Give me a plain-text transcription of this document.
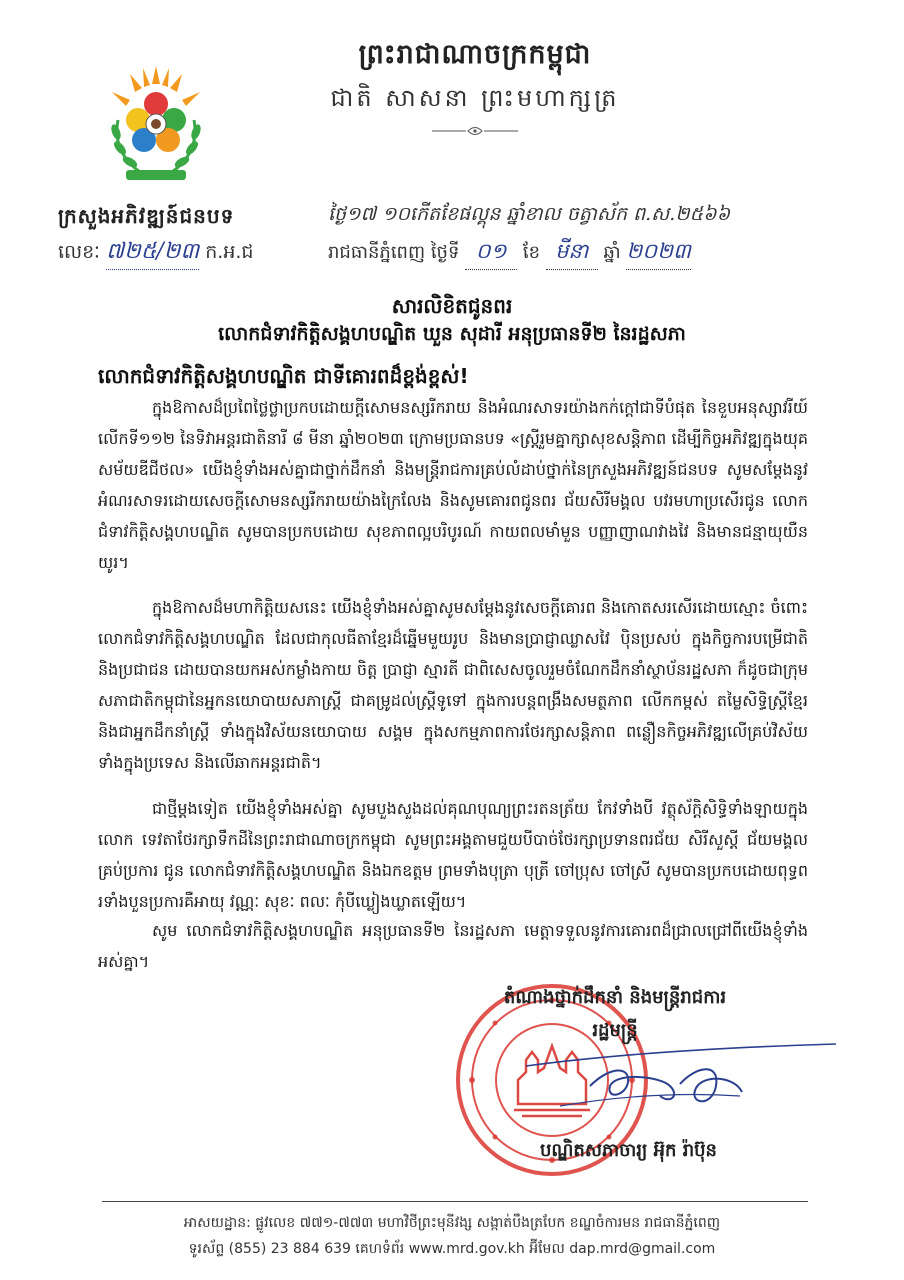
ព្រះរាជាណាចក្រកម្ពុជា
ជាតិ សាសនា ព្រះមហាក្សត្រ
ក្រសួងអភិវឌ្ឍន៍ជនបទ
លេខៈ ៧២៥/២៣ ក.អ.ជ
ថ្ងៃ១៧ ១០កើតខែផល្គុន ឆ្នាំខាល ចត្វាស័ក ព.ស.២៥៦៦
រាជធានីភ្នំពេញ ថ្ងៃទី ០១ ខែ មីនា ឆ្នាំ ២០២៣
សារលិខិតជូនពរ
លោកជំទាវកិត្តិសង្គហបណ្ឌិត ឃួន សុដារី អនុប្រធានទី២ នៃរដ្ឋសភា
លោកជំទាវកិត្តិសង្គហបណ្ឌិត ជាទីគោរពដ៏ខ្ពង់ខ្ពស់!
ក្នុងឱកាសដ៏ប្រពៃថ្លៃថ្លាប្រកបដោយក្ដីសោមនស្សរីករាយ និងអំណរសាទរយ៉ាងកក់ក្ដៅជាទីបំផុត នៃខួបអនុស្សាវរីយ៍លើកទី១១២ នៃទិវាអន្តរជាតិនារី ៨ មីនា ឆ្នាំ២០២៣ ក្រោមប្រធានបទ «ស្ត្រីរួមគ្នាក្សាសុខសន្តិភាព ដើម្បីកិច្ចអភិវឌ្ឍក្នុងយុគសម័យឌីជីថល» យើងខ្ញុំទាំងអស់គ្នាជាថ្នាក់ដឹកនាំ និងមន្ត្រីរាជការគ្រប់លំដាប់ថ្នាក់នៃក្រសួងអភិវឌ្ឍន៍ជនបទ សូមសម្ដែងនូវអំណរសាទរដោយសេចក្ដីសោមនស្សរីករាយយ៉ាងក្រៃលែង និងសូមគោរពជូនពរ ជ័យសិរីមង្គល បវរមហាប្រសើរជូន លោកជំទាវកិត្តិសង្គហបណ្ឌិត សូមបានប្រកបដោយ សុខភាពល្អបរិបូរណ៍ កាយពលមាំមួន បញ្ញាញាណវាងវៃ និងមានជន្មាយុយឺនយូរ។
ក្នុងឱកាសដ៏មហាកិត្តិយសនេះ យើងខ្ញុំទាំងអស់គ្នាសូមសម្ដែងនូវសេចក្ដីគោរព និងកោតសរសើរដោយស្មោះ ចំពោះ លោកជំទាវកិត្តិសង្គហបណ្ឌិត ដែលជាកុលធីតាខ្មែរដ៏ឆ្នើមមួយរូប និងមានប្រាជ្ញាឈ្លាសវៃ ប៉ិនប្រសប់ ក្នុងកិច្ចការបម្រើជាតិ និងប្រជាជន ដោយបានយកអស់កម្លាំងកាយ ចិត្ត ប្រាជ្ញា ស្មារតី ជាពិសេសចូលរួមចំណែកដឹកនាំស្ថាប័នរដ្ឋសភា ក៏ដូចជាក្រុមសភាជាតិកម្ពុជានៃអ្នកនយោបាយសភាស្ត្រី ជាគម្រូដល់ស្ត្រីទូទៅ ក្នុងការបន្តពង្រឹងសមត្ថភាព លើកកម្ពស់ តម្លៃសិទ្ធិស្ត្រីខ្មែរ និងជាអ្នកដឹកនាំស្ត្រី ទាំងក្នុងវិស័យនយោបាយ សង្គម ក្នុងសកម្មភាពការថែរក្សាសន្តិភាព ពន្លឿនកិច្ចអភិវឌ្ឍលើគ្រប់វិស័យទាំងក្នុងប្រទេស និងលើឆាកអន្តរជាតិ។
ជាថ្មីម្ដងទៀត យើងខ្ញុំទាំងអស់គ្នា សូមបួងសួងដល់គុណបុណ្យព្រះរតនត្រ័យ កែវទាំងបី វត្ថុស័ក្ដិសិទ្ធិទាំងឡាយក្នុងលោក ទេវតាថែរក្សាទឹកដីនៃព្រះរាជាណាចក្រកម្ពុជា សូមព្រះអង្គតាមជួយបីបាច់ថែរក្សាប្រទានពរជ័យ សិរីសួស្ដី ជ័យមង្គលគ្រប់ប្រការ ជូន លោកជំទាវកិត្តិសង្គហបណ្ឌិត និងឯកឧត្តម ព្រមទាំងបុត្រា បុត្រី ចៅប្រុស ចៅស្រី សូមបានប្រកបដោយពុទ្ធពរទាំងបួនប្រការគឺអាយុ វណ្ណៈ សុខៈ ពលៈ កុំបីឃ្លៀងឃ្លាតឡើយ។
សូម លោកជំទាវកិត្តិសង្គហបណ្ឌិត អនុប្រធានទី២ នៃរដ្ឋសភា មេត្តាទទួលនូវការគោរពដ៏ជ្រាលជ្រៅពីយើងខ្ញុំទាំងអស់គ្នា។
តំណាងថ្នាក់ដឹកនាំ និងមន្ត្រីរាជការ
រដ្ឋមន្ត្រី
បណ្ឌិតសភាចារ្យ អ៊ុក រ៉ាប៊ុន
អាសយដ្ឋាន: ផ្លូវលេខ ៧៧១-៧៧៣ មហាវិថីព្រះមុនីវង្ស សង្កាត់បឹងត្របែក ខណ្ឌចំការមន រាជធានីភ្នំពេញ
ទូរស័ព្ទ (855) 23 884 639 គេហទំព័រ www.mrd.gov.kh អ៊ីមែល dap.mrd@gmail.com
